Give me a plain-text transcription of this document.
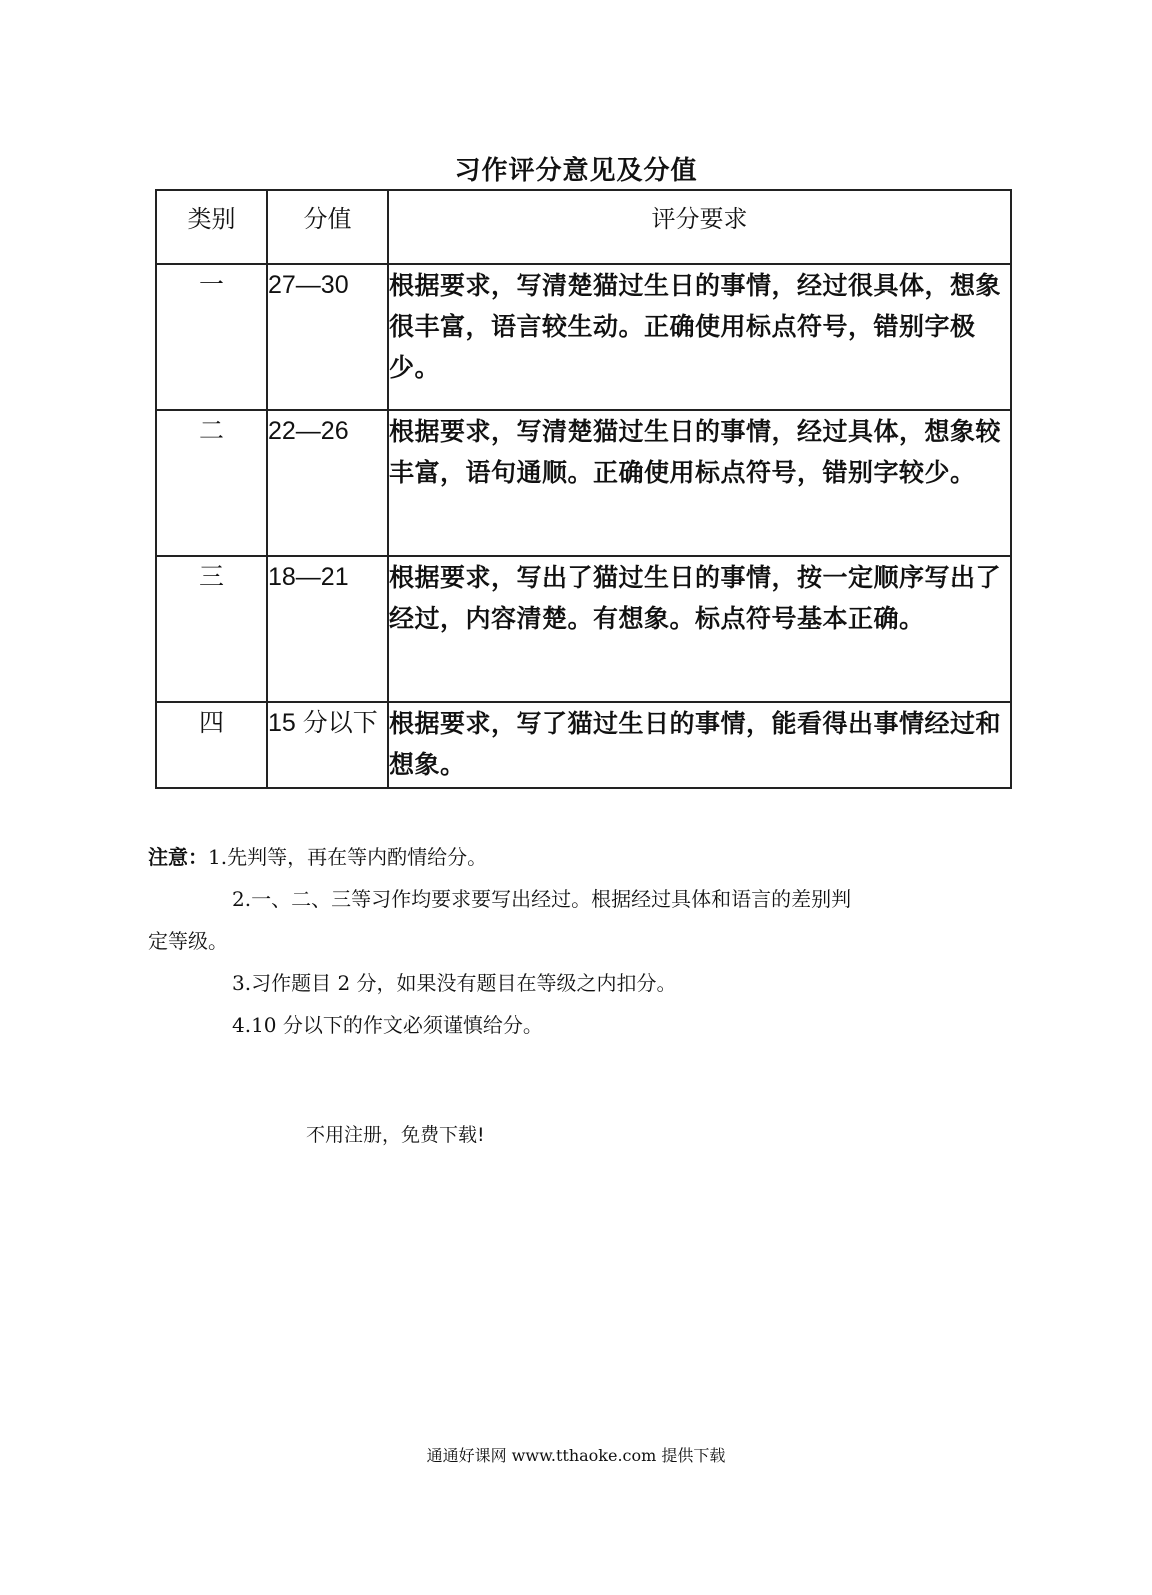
习作评分意见及分值
类别	分值	评分要求
一	27—30	根据要求，写清楚猫过生日的事情，经过很具体，想象很丰富，语言较生动。正确使用标点符号，错别字极少。
二	22—26	根据要求，写清楚猫过生日的事情，经过具体，想象较丰富，语句通顺。正确使用标点符号，错别字较少。
三	18—21	根据要求，写出了猫过生日的事情，按一定顺序写出了经过，内容清楚。有想象。标点符号基本正确。
四	15 分以下	根据要求，写了猫过生日的事情，能看得出事情经过和想象。
注意：1.先判等，再在等内酌情给分。
2.一、二、三等习作均要求要写出经过。根据经过具体和语言的差别判
定等级。
3.习作题目 2 分，如果没有题目在等级之内扣分。
4.10 分以下的作文必须谨慎给分。
不用注册，免费下载!
通通好课网 www.tthaoke.com 提供下载
